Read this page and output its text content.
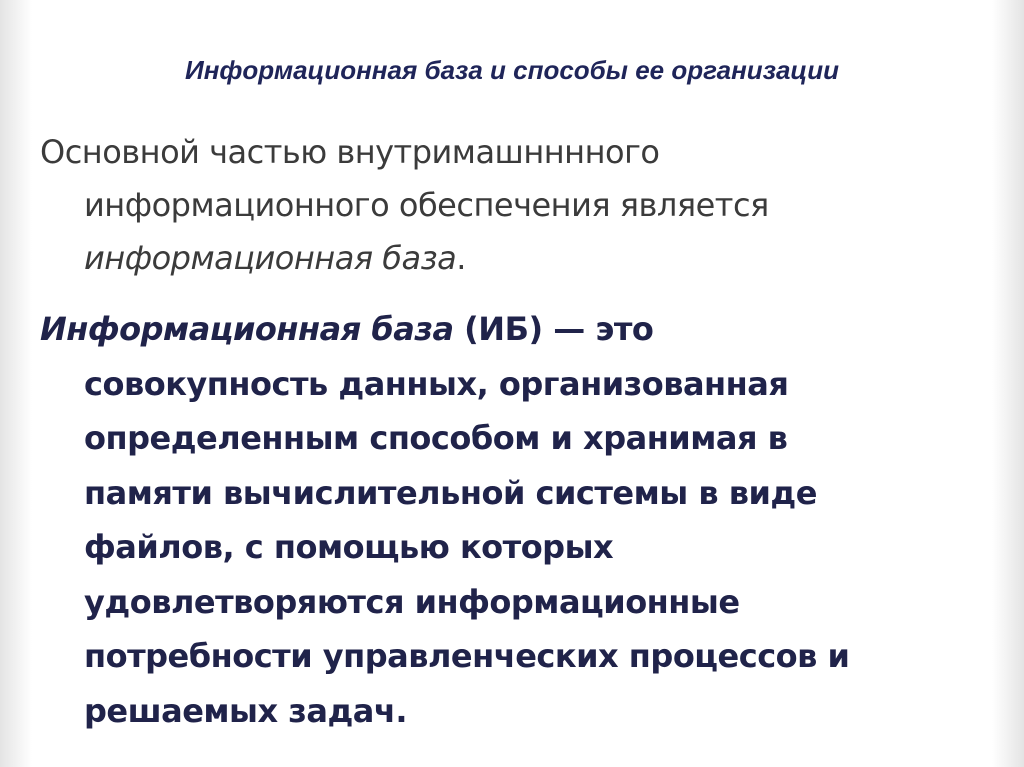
Информационная база и способы ее организации
Основной частью внутримашнннного
информационного обеспечения является
информационная база.
Информационная база (ИБ) — это
совокупность данных, организованная
определенным способом и хранимая в
памяти вычислительной системы в виде
файлов, с помощью которых
удовлетворяются информационные
потребности управленческих процессов и
решаемых задач.
